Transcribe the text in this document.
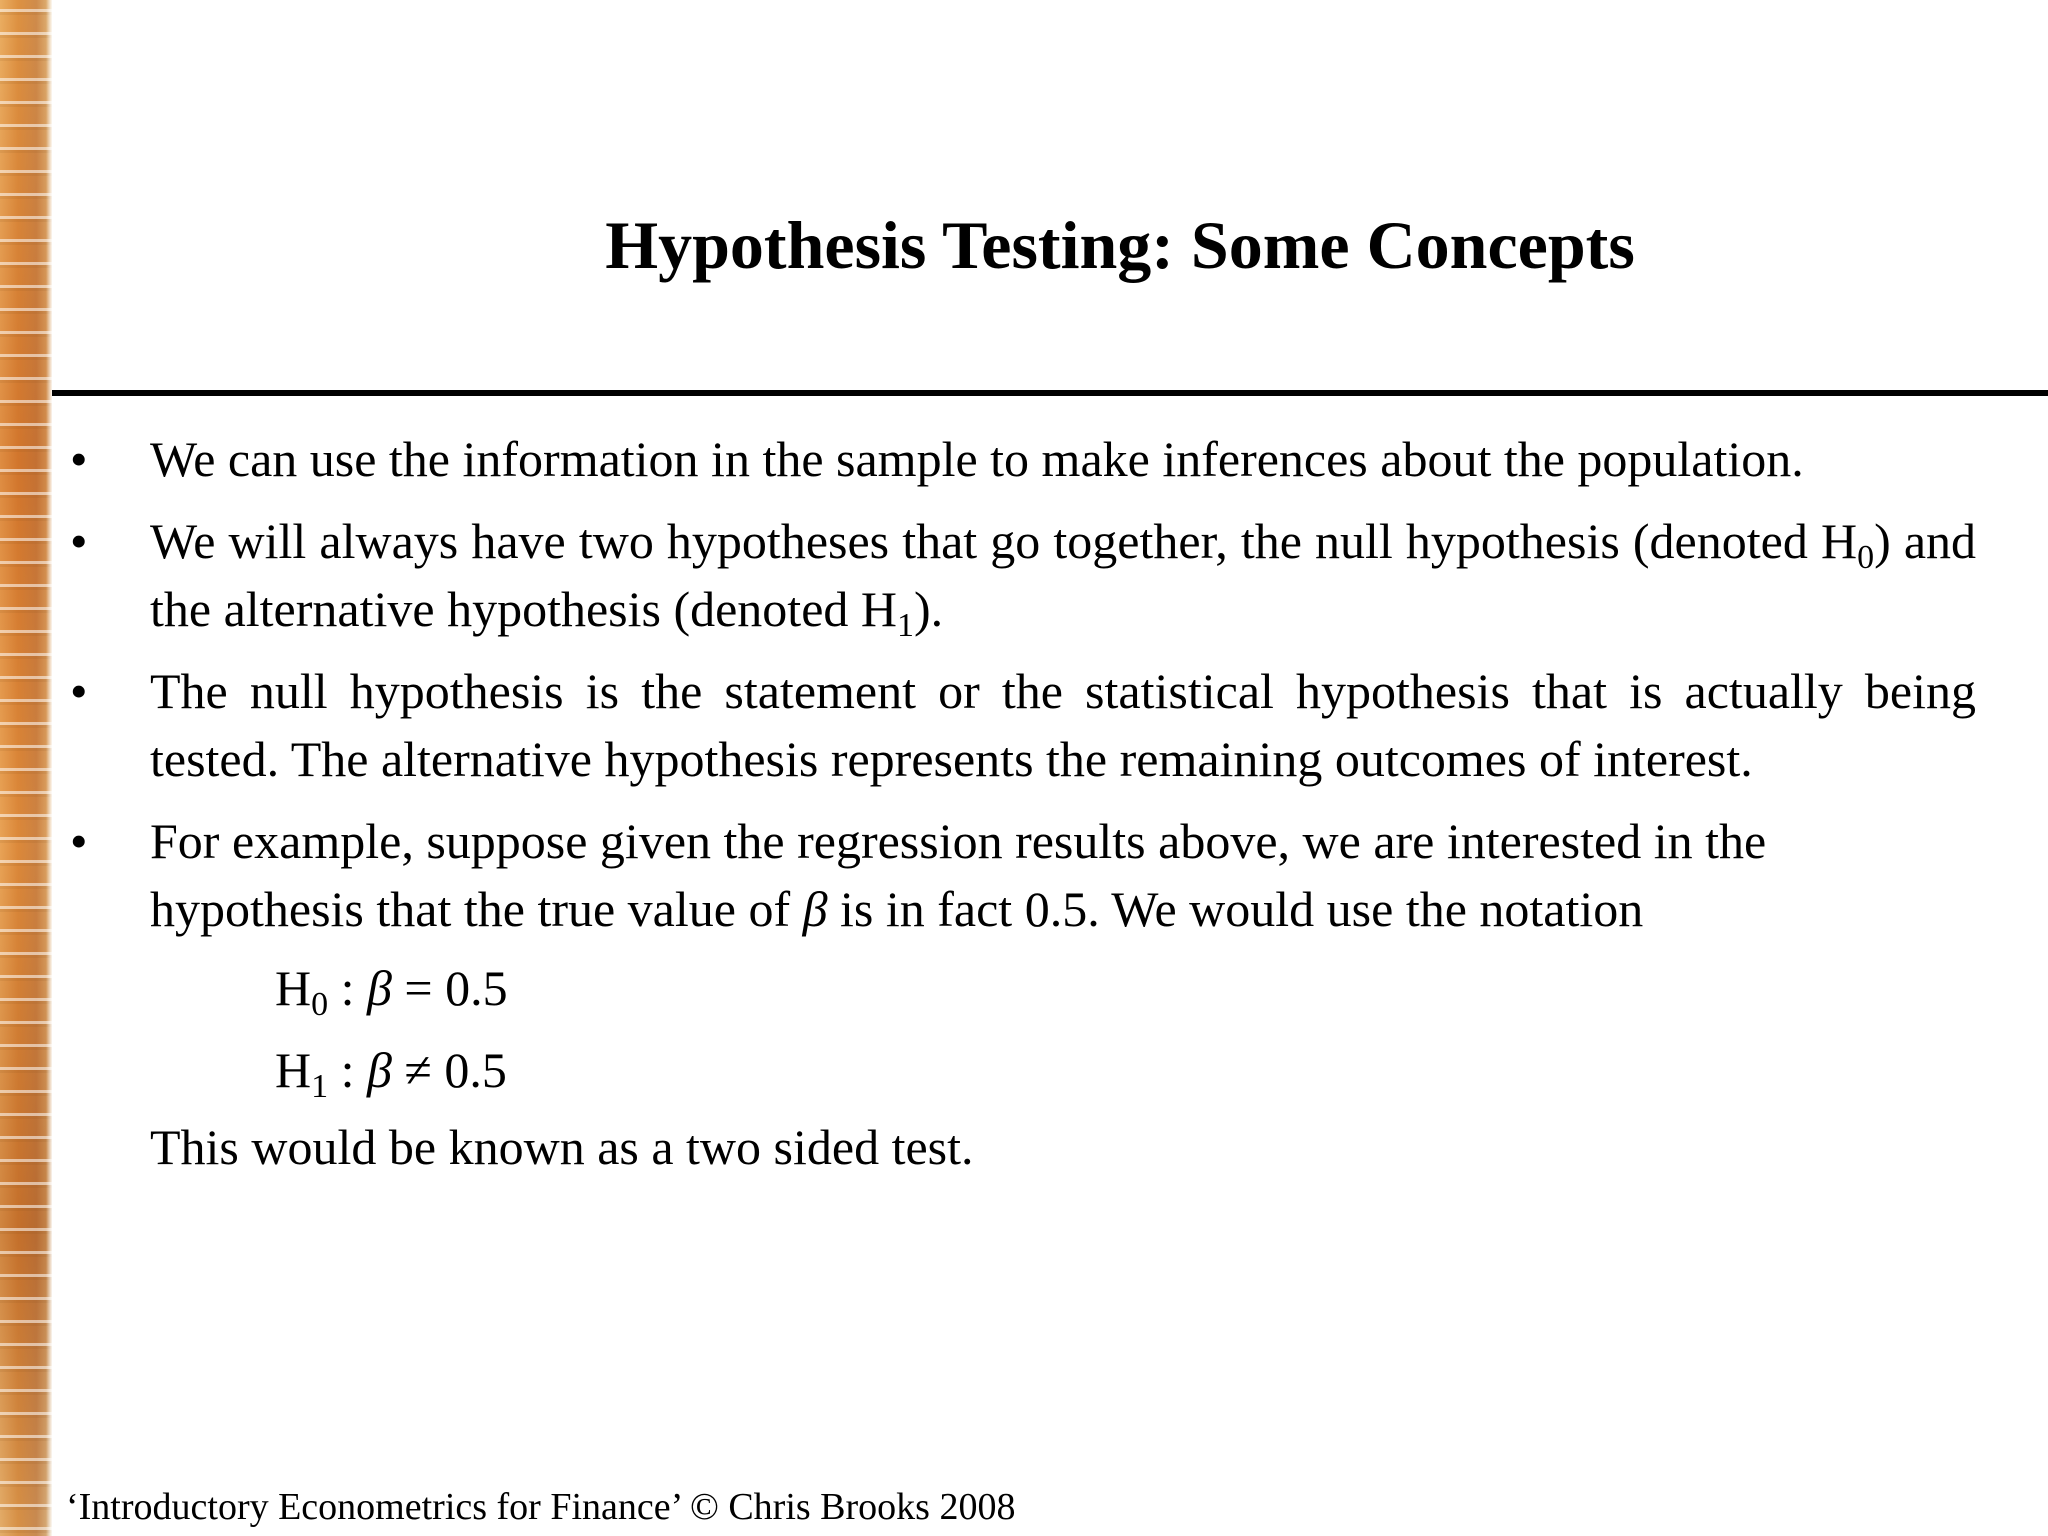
Hypothesis Testing: Some Concepts
•	We can use the information in the sample to make inferences about the population.
•	We will always have two hypotheses that go together, the null hypothesis (denoted $H_0$) and the alternative hypothesis (denoted $H_1$).
•	The null hypothesis is the statement or the statistical hypothesis that is actually being tested. The alternative hypothesis represents the remaining outcomes of interest.
•	For example, suppose given the regression results above, we are interested in the hypothesis that the true value of β is in fact 0.5. We would use the notation
$H_0$ : β = 0.5
$H_1$ : β ≠ 0.5
This would be known as a two sided test.
‘Introductory Econometrics for Finance’ © Chris Brooks 2008
